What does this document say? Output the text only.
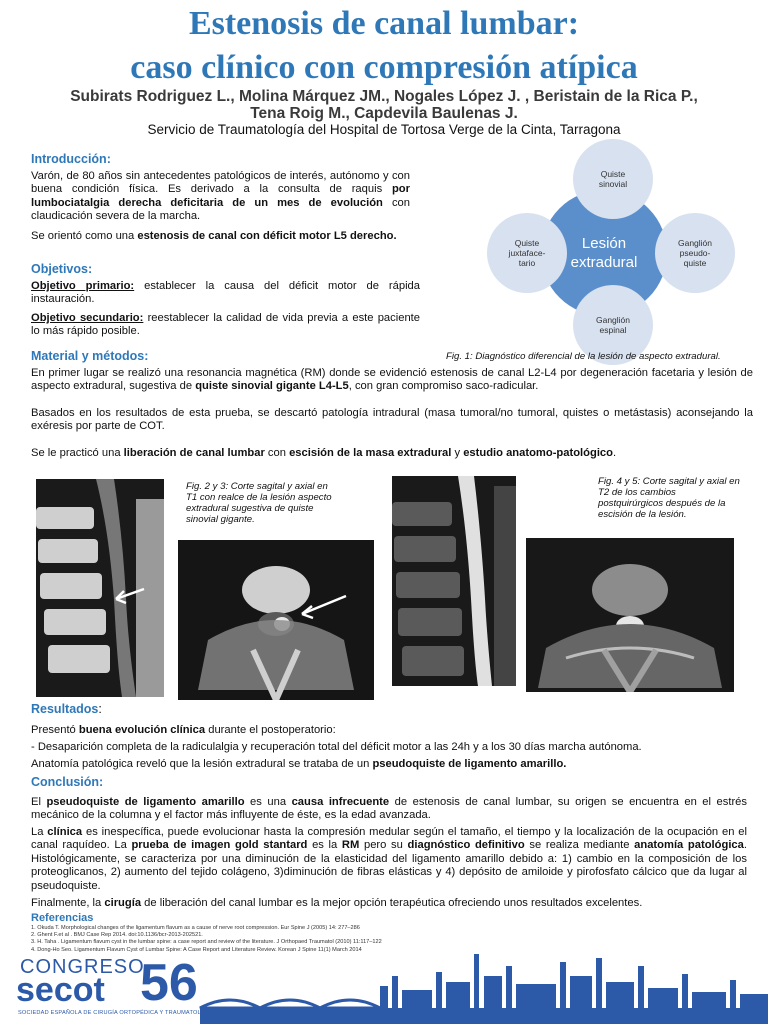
Estenosis de canal lumbar:
caso clínico con compresión atípica
Subirats Rodriguez L., Molina Márquez JM., Nogales López J. , Beristain de la Rica P.,
Tena Roig M., Capdevila Baulenas J.
Servicio de Traumatología del Hospital de Tortosa Verge de la Cinta, Tarragona
Introducción:
Varón, de 80 años sin antecedentes patológicos de interés, autónomo y con buena condición física. Es derivado a la consulta de raquis por lumbociatalgia derecha deficitaria de un mes de evolución con claudicación severa de la marcha.
Se orientó como una estenosis de canal con déficit motor L5 derecho.
Objetivos:
Objetivo primario: establecer la causa del déficit motor de rápida instauración.
Objetivo secundario: reestablecer la calidad de vida previa a este paciente lo más rápido posible.
Lesión extradural
Quiste sinovial
Ganglión pseudo-quiste
Ganglión espinal
Quiste juxtaface-tario
Fig. 1: Diagnóstico diferencial de la lesión de aspecto extradural.
Material y métodos:
En primer lugar se realizó una resonancia magnética (RM) donde se evidenció estenosis de canal L2-L4 por degeneración facetaria y lesión de aspecto extradural, sugestiva de quiste sinovial gigante L4-L5, con gran compromiso saco-radicular.
Basados en los resultados de esta prueba, se descartó patología intradural (masa tumoral/no tumoral, quistes o metástasis) aconsejando la exéresis por parte de COT.
Se le practicó una liberación de canal lumbar con escisión de la masa extradural y estudio anatomo-patológico.
Fig. 2 y 3: Corte sagital y axial en T1 con realce de la lesión aspecto extradural sugestiva de quiste sinovial gigante.
Fig. 4 y 5: Corte sagital y axial en T2 de los cambios postquirúrgicos después de la escisión de la lesión.
Resultados:
Presentó buena evolución clínica durante el postoperatorio:
- Desaparición completa de la radiculalgia y recuperación total del déficit motor a las 24h y a los 30 días marcha autónoma.
Anatomía patológica reveló que la lesión extradural se trataba de un pseudoquiste de ligamento amarillo.
Conclusión:
El pseudoquiste de ligamento amarillo es una causa infrecuente de estenosis de canal lumbar, su origen se encuentra en el estrés mecánico de la columna y el factor más influyente de éste, es la edad avanzada.
La clínica es inespecífica, puede evolucionar hasta la compresión medular según el tamaño, el tiempo y la localización de la ocupación en el canal raquídeo. La prueba de imagen gold stantard es la RM pero su diagnóstico definitivo se realiza mediante anatomía patológica. Histológicamente, se caracteriza por una diminución de la elasticidad del ligamento amarillo debido a: 1) cambio en la composición de los proteoglicanos, 2) aumento del tejido colágeno, 3)diminución de fibras elásticas y 4) depósito de amiloide y pirofosfato cálcico que da lugar al pseudoquiste.
Finalmente, la cirugía de liberación del canal lumbar es la mejor opción terapéutica ofreciendo unos resultados excelentes.
Referencias
1. Okuda T. Morphological changes of the ligamentum flavum as a cause of nerve root compression. Eur Spine J (2005) 14: 277–286
2. Ghent F.et al . BMJ Case Rep 2014. doi:10.1136/bcr-2013-202521.
3. H. Taha . Ligamentum flavum cyst in the lumbar spine: a case report and review of the literature. J Orthopaed Traumatol (2010) 11:117–122
4. Dong-Ho Seo. Ligamentum Flavum Cyst of Lumbar Spine: A Case Report and Literature Review. Korean J Spine 11(1) March 2014
CONGRESO
secot 56
SOCIEDAD ESPAÑOLA DE CIRUGÍA ORTOPÉDICA Y TRAUMATOLOGÍA
